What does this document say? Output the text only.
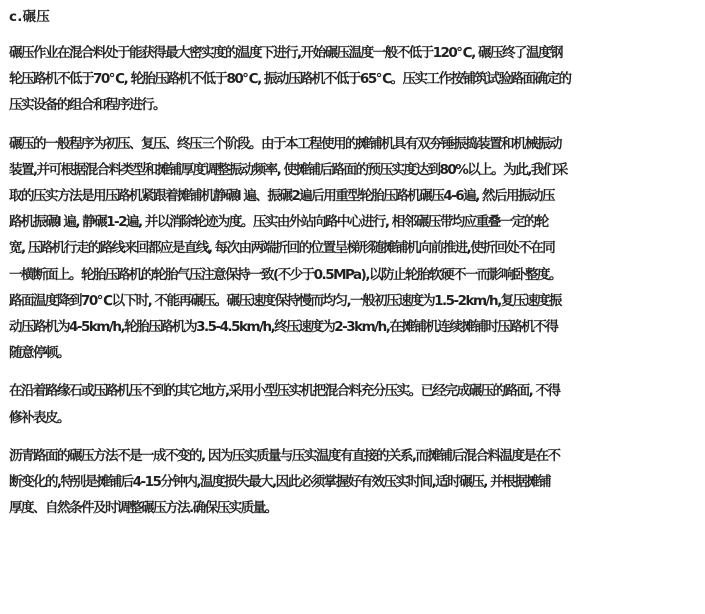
c.碾压
碾压作业在混合料处于能获得最大密实度的温度下进行,开始碾压温度一般不低于120℃, 碾压终了温度钢
轮压路机不低于70℃, 轮胎压路机不低于80℃, 振动压路机不低于65℃。压实工作按铺筑试验路面确定的
压实设备的组合和程序进行。
碾压的一般程序为初压、复压、终压三个阶段。由于本工程使用的摊铺机具有双夯锤振捣装置和机械振动
装置,并可根据混合料类型和摊铺厚度调整振动频率, 使摊铺后路面的预压实度达到80%以上。为此,我们采
取的压实方法是用压路机紧跟着摊铺机静碾l 遍、振碾2遍后用重型轮胎压路机碾压4-6遍, 然后用振动压
路机振碾l 遍, 静碾1-2遍, 并以消除轮迹为度。压实由外站向路中心进行, 相邻碾压带均应重叠一定的轮
宽, 压路机行走的路线来回都应是直线, 每次由两端折回的位置呈梯形随摊铺机向前推进,使折回处不在同
一横断面上。轮胎压路机的轮胎气压注意保持一致(不少于0.5MPa),以防止轮胎软硬不一而影响卧整度。
路面温度降到70℃以下时, 不能再碾压。碾压速度保持慢而均匀,一般初压速度为1.5-2km/h,复压速度振
动压路机为4-5km/h,轮胎压路机为3.5-4.5km/h,终压速度为2-3km/h,在摊铺机连续摊铺时压路机不得
随意停顿。
在沿着路缘石或压路机压不到的其它地方,采用小型压实机把混合料充分压实。已经完成碾压的路面, 不得
修补表皮。
沥青路面的碾压方法不是一成不变的, 因为压实质量与压实温度有直接的关系,而摊铺后混合料温度是在不
断变化的,特别是摊铺后4-15分钟内,温度损失最大,因此必须掌握好有效压实时间,适时碾压, 并根据摊铺
厚度、自然条件及时调整碾压方法.确保压实质量。
